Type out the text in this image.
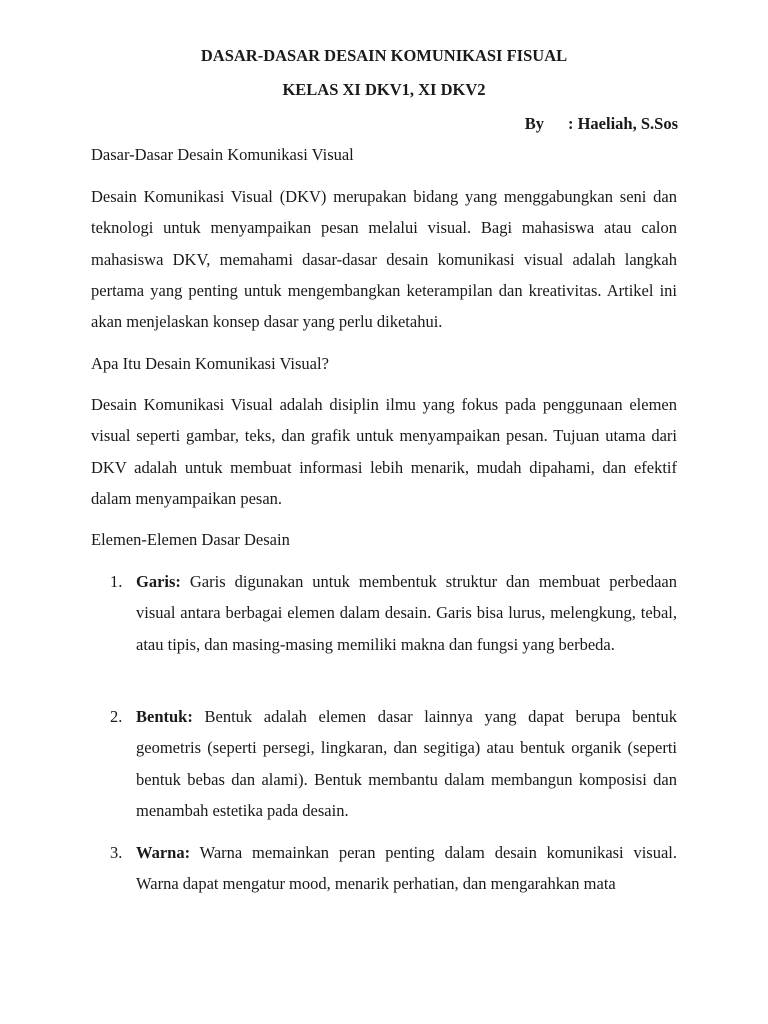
DASAR-DASAR DESAIN KOMUNIKASI FISUAL
KELAS XI DKV1, XI DKV2

By : Haeliah, S.Sos

Dasar-Dasar Desain Komunikasi Visual

Desain Komunikasi Visual (DKV) merupakan bidang yang menggabungkan seni dan teknologi untuk menyampaikan pesan melalui visual. Bagi mahasiswa atau calon mahasiswa DKV, memahami dasar-dasar desain komunikasi visual adalah langkah pertama yang penting untuk mengembangkan keterampilan dan kreativitas. Artikel ini akan menjelaskan konsep dasar yang perlu diketahui.

Apa Itu Desain Komunikasi Visual?

Desain Komunikasi Visual adalah disiplin ilmu yang fokus pada penggunaan elemen visual seperti gambar, teks, dan grafik untuk menyampaikan pesan. Tujuan utama dari DKV adalah untuk membuat informasi lebih menarik, mudah dipahami, dan efektif dalam menyampaikan pesan.

Elemen-Elemen Dasar Desain
1. Garis: Garis digunakan untuk membentuk struktur dan membuat perbedaan visual antara berbagai elemen dalam desain. Garis bisa lurus, melengkung, tebal, atau tipis, dan masing-masing memiliki makna dan fungsi yang berbeda.

2. Bentuk: Bentuk adalah elemen dasar lainnya yang dapat berupa bentuk geometris (seperti persegi, lingkaran, dan segitiga) atau bentuk organik (seperti bentuk bebas dan alami). Bentuk membantu dalam membangun komposisi dan menambah estetika pada desain.

3. Warna: Warna memainkan peran penting dalam desain komunikasi visual. Warna dapat mengatur mood, menarik perhatian, dan mengarahkan mata
